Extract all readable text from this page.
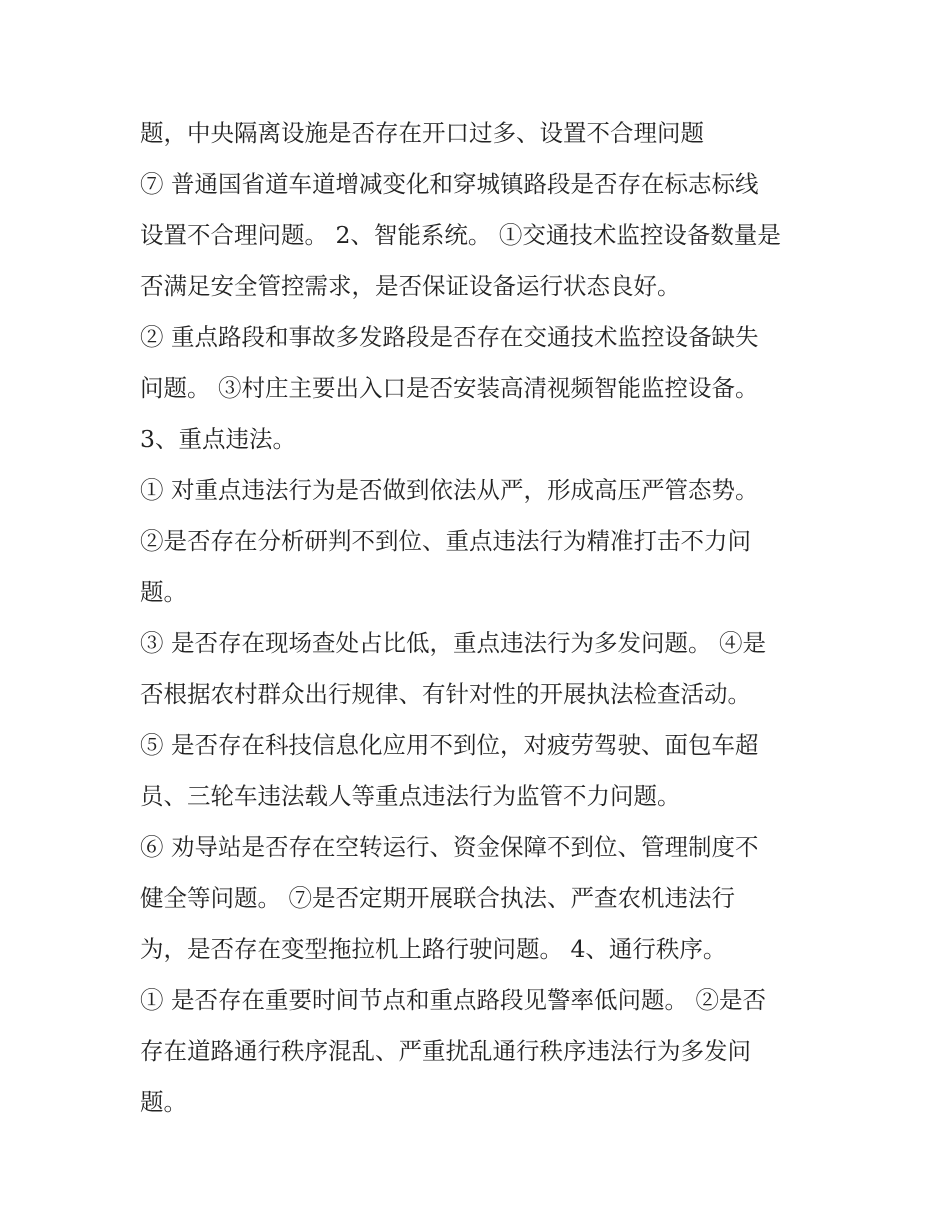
题，中央隔离设施是否存在开口过多、设置不合理问题
⑦ 普通国省道车道增减变化和穿城镇路段是否存在标志标线
设置不合理问题。 2、智能系统。 ①交通技术监控设备数量是
否满足安全管控需求，是否保证设备运行状态良好。
② 重点路段和事故多发路段是否存在交通技术监控设备缺失
问题。 ③村庄主要出入口是否安装高清视频智能监控设备。
3、重点违法。
① 对重点违法行为是否做到依法从严，形成高压严管态势。
②是否存在分析研判不到位、重点违法行为精准打击不力问
题。
③ 是否存在现场查处占比低，重点违法行为多发问题。 ④是
否根据农村群众出行规律、有针对性的开展执法检查活动。
⑤ 是否存在科技信息化应用不到位，对疲劳驾驶、面包车超
员、三轮车违法载人等重点违法行为监管不力问题。
⑥ 劝导站是否存在空转运行、资金保障不到位、管理制度不
健全等问题。 ⑦是否定期开展联合执法、严查农机违法行
为，是否存在变型拖拉机上路行驶问题。 4、通行秩序。
① 是否存在重要时间节点和重点路段见警率低问题。 ②是否
存在道路通行秩序混乱、严重扰乱通行秩序违法行为多发问
题。
